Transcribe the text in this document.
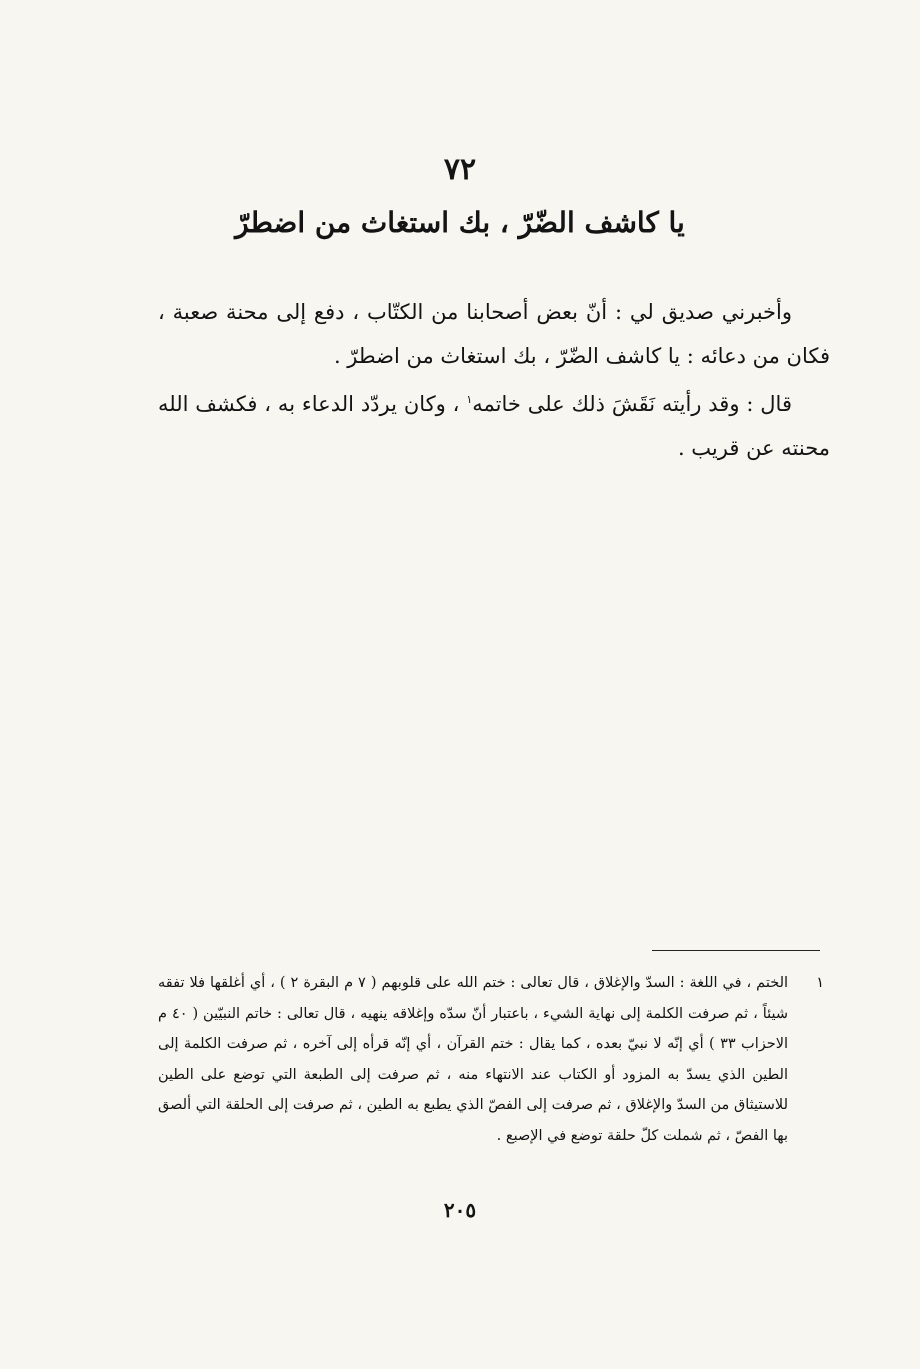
٧٢
يا كاشف الضّرّ ، بك استغاث من اضطرّ

وأخبرني صديق لي : أنّ بعض أصحابنا من الكتّاب ، دفع إلى محنة صعبة ، فكان من دعائه : يا كاشف الضّرّ ، بك استغاث من اضطرّ .

قال : وقد رأيته نَقَشَ ذلك على خاتمه$^١$ ، وكان يردّد الدعاء به ، فكشف الله محنته عن قريب .

١
الختم ، في اللغة : السدّ والإغلاق ، قال تعالى : ختم الله على قلوبهم ( ٧ م البقرة ٢ ) ، أي أغلقها فلا تفقه شيئاً ، ثم صرفت الكلمة إلى نهاية الشيء ، باعتبار أنّ سدّه وإغلاقه ينهيه ، قال تعالى : خاتم النبيّين ( ٤٠ م الاحزاب ٣٣ ) أي إنّه لا نبيّ بعده ، كما يقال : ختم القرآن ، أي إنّه قرأه إلى آخره ، ثم صرفت الكلمة إلى الطين الذي يسدّ به المزود أو الكتاب عند الانتهاء منه ، ثم صرفت إلى الطبعة التي توضع على الطين للاستيثاق من السدّ والإغلاق ، ثم صرفت إلى الفصّ الذي يطبع به الطين ، ثم صرفت إلى الحلقة التي ألصق بها الفصّ ، ثم شملت كلّ حلقة توضع في الإصبع .
٢٠٥
